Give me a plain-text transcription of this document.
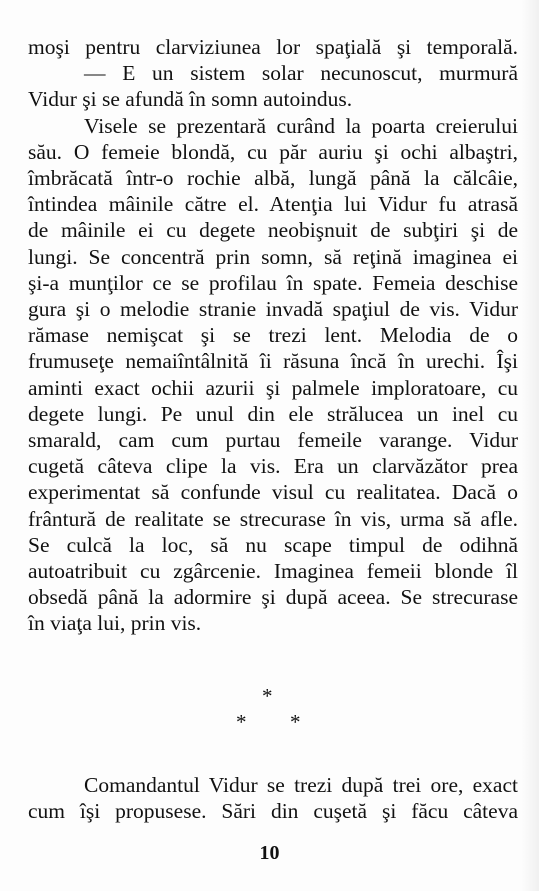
moşi pentru clarviziunea lor spaţială şi temporală.
— E un sistem solar necunoscut, murmură
Vidur şi se afundă în somn autoindus.
Visele se prezentară curând la poarta creierului
său. O femeie blondă, cu păr auriu şi ochi albaştri,
îmbrăcată într-o rochie albă, lungă până la călcâie,
întindea mâinile către el. Atenţia lui Vidur fu atrasă
de mâinile ei cu degete neobişnuit de subţiri şi de
lungi. Se concentră prin somn, să reţină imaginea ei
şi-a munţilor ce se profilau în spate. Femeia deschise
gura şi o melodie stranie invadă spaţiul de vis. Vidur
rămase nemişcat şi se trezi lent. Melodia de o
frumuseţe nemaiîntâlnită îi răsuna încă în urechi. Îşi
aminti exact ochii azurii şi palmele imploratoare, cu
degete lungi. Pe unul din ele strălucea un inel cu
smarald, cam cum purtau femeile varange. Vidur
cugetă câteva clipe la vis. Era un clarvăzător prea
experimentat să confunde visul cu realitatea. Dacă o
frântură de realitate se strecurase în vis, urma să afle.
Se culcă la loc, să nu scape timpul de odihnă
autoatribuit cu zgârcenie. Imaginea femeii blonde îl
obsedă până la adormire şi după aceea. Se strecurase
în viaţa lui, prin vis.
*
* *
Comandantul Vidur se trezi după trei ore, exact
cum îşi propusese. Sări din cuşetă şi făcu câteva
10
